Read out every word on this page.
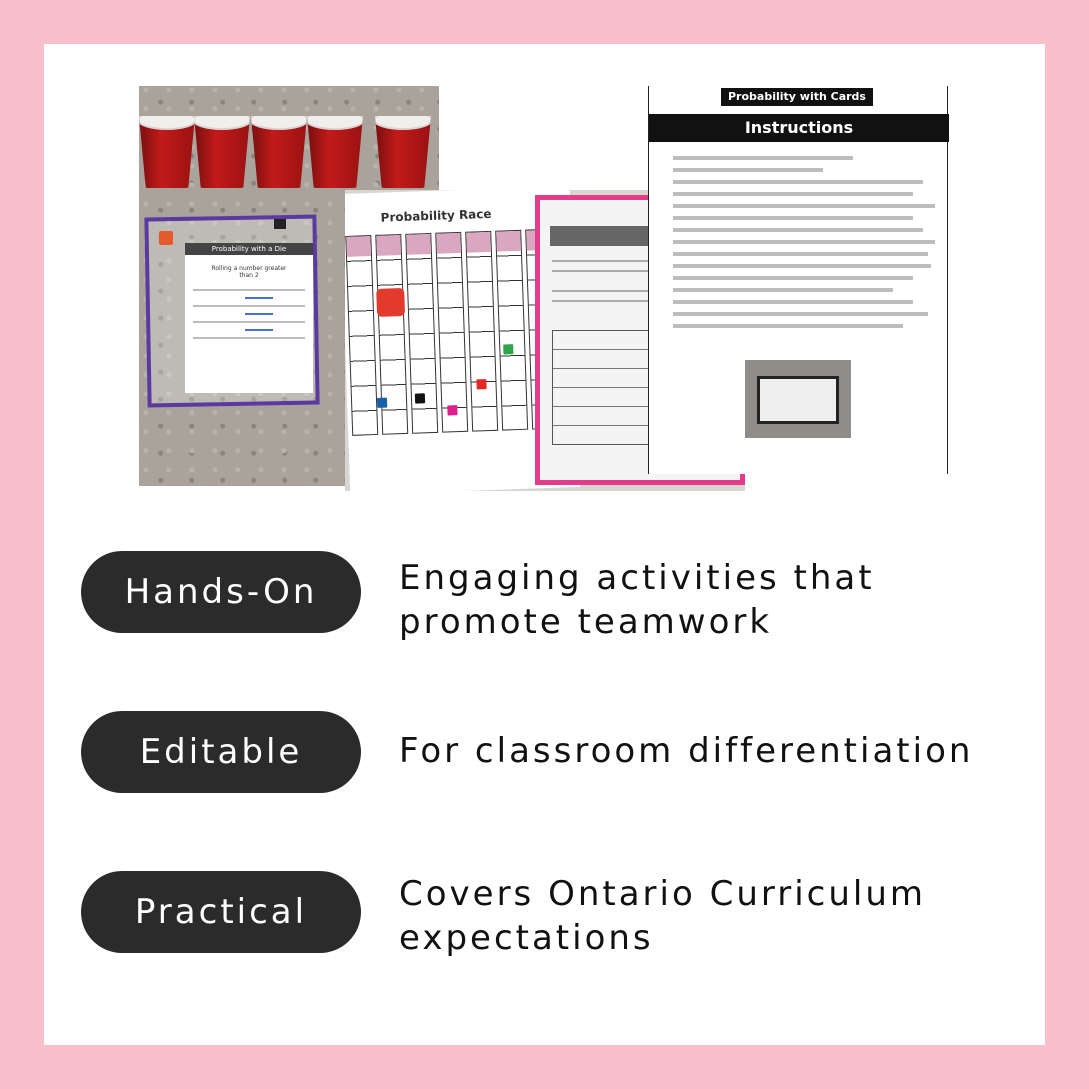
Probability with a Die
Rolling a number greater than 2
Probability Race
Probability with Cards
Instructions
Hands-On	Engaging activities that promote teamwork
Editable	For classroom differentiation
Practical	Covers Ontario Curriculum expectations
